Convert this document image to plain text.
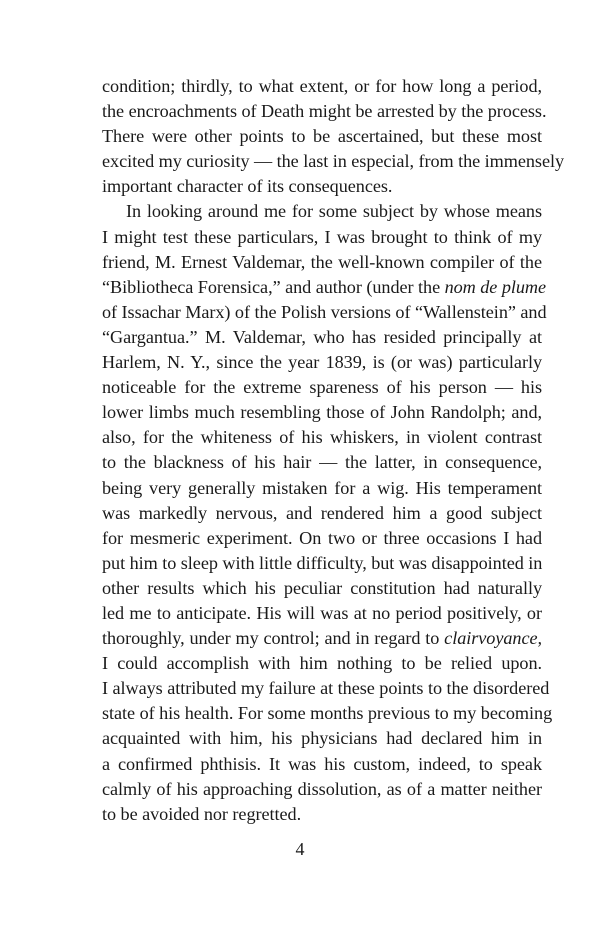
condition; thirdly, to what extent, or for how long a period,
the encroachments of Death might be arrested by the process.
There were other points to be ascertained, but these most
excited my curiosity — the last in especial, from the immensely
important character of its consequences.
In looking around me for some subject by whose means
I might test these particulars, I was brought to think of my
friend, M. Ernest Valdemar, the well-known compiler of the
“Bibliotheca Forensica,” and author (under the nom de plume
of Issachar Marx) of the Polish versions of “Wallenstein” and
“Gargantua.” M. Valdemar, who has resided principally at
Harlem, N. Y., since the year 1839, is (or was) particularly
noticeable for the extreme spareness of his person — his
lower limbs much resembling those of John Randolph; and,
also, for the whiteness of his whiskers, in violent contrast
to the blackness of his hair — the latter, in consequence,
being very generally mistaken for a wig. His temperament
was markedly nervous, and rendered him a good subject
for mesmeric experiment. On two or three occasions I had
put him to sleep with little difficulty, but was disappointed in
other results which his peculiar constitution had naturally
led me to anticipate. His will was at no period positively, or
thoroughly, under my control; and in regard to clairvoyance,
I could accomplish with him nothing to be relied upon.
I always attributed my failure at these points to the disordered
state of his health. For some months previous to my becoming
acquainted with him, his physicians had declared him in
a confirmed phthisis. It was his custom, indeed, to speak
calmly of his approaching dissolution, as of a matter neither
to be avoided nor regretted.
4
